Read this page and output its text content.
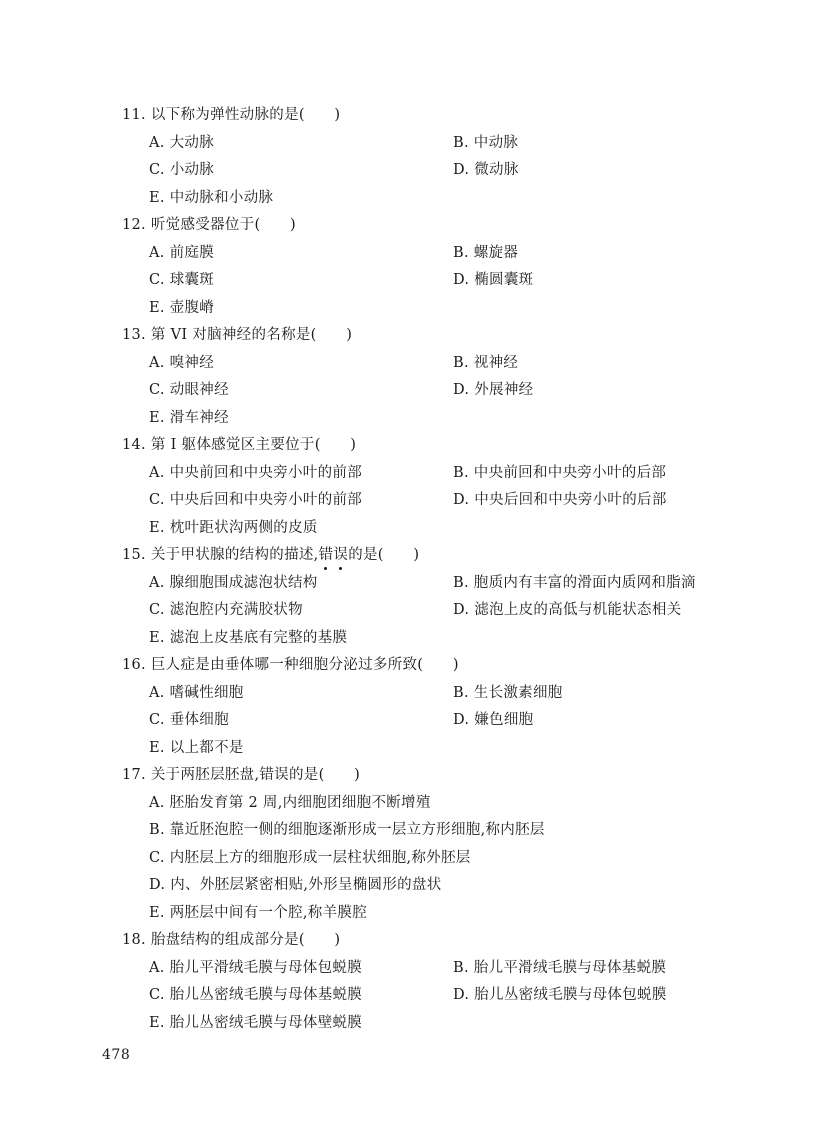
11. 以下称为弹性动脉的是(　　)
A. 大动脉	B. 中动脉
C. 小动脉	D. 微动脉
E. 中动脉和小动脉
12. 听觉感受器位于(　　)
A. 前庭膜	B. 螺旋器
C. 球囊斑	D. 椭圆囊斑
E. 壶腹嵴
13. 第 VI 对脑神经的名称是(　　)
A. 嗅神经	B. 视神经
C. 动眼神经	D. 外展神经
E. 滑车神经
14. 第 I 躯体感觉区主要位于(　　)
A. 中央前回和中央旁小叶的前部	B. 中央前回和中央旁小叶的后部
C. 中央后回和中央旁小叶的前部	D. 中央后回和中央旁小叶的后部
E. 枕叶距状沟两侧的皮质
15. 关于甲状腺的结构的描述,错误的是(　　)
A. 腺细胞围成滤泡状结构	B. 胞质内有丰富的滑面内质网和脂滴
C. 滤泡腔内充满胶状物	D. 滤泡上皮的高低与机能状态相关
E. 滤泡上皮基底有完整的基膜
16. 巨人症是由垂体哪一种细胞分泌过多所致(　　)
A. 嗜碱性细胞	B. 生长激素细胞
C. 垂体细胞	D. 嫌色细胞
E. 以上都不是
17. 关于两胚层胚盘,错误的是(　　)
A. 胚胎发育第 2 周,内细胞团细胞不断增殖
B. 靠近胚泡腔一侧的细胞逐渐形成一层立方形细胞,称内胚层
C. 内胚层上方的细胞形成一层柱状细胞,称外胚层
D. 内、外胚层紧密相贴,外形呈椭圆形的盘状
E. 两胚层中间有一个腔,称羊膜腔
18. 胎盘结构的组成部分是(　　)
A. 胎儿平滑绒毛膜与母体包蜕膜	B. 胎儿平滑绒毛膜与母体基蜕膜
C. 胎儿丛密绒毛膜与母体基蜕膜	D. 胎儿丛密绒毛膜与母体包蜕膜
E. 胎儿丛密绒毛膜与母体壁蜕膜
478
